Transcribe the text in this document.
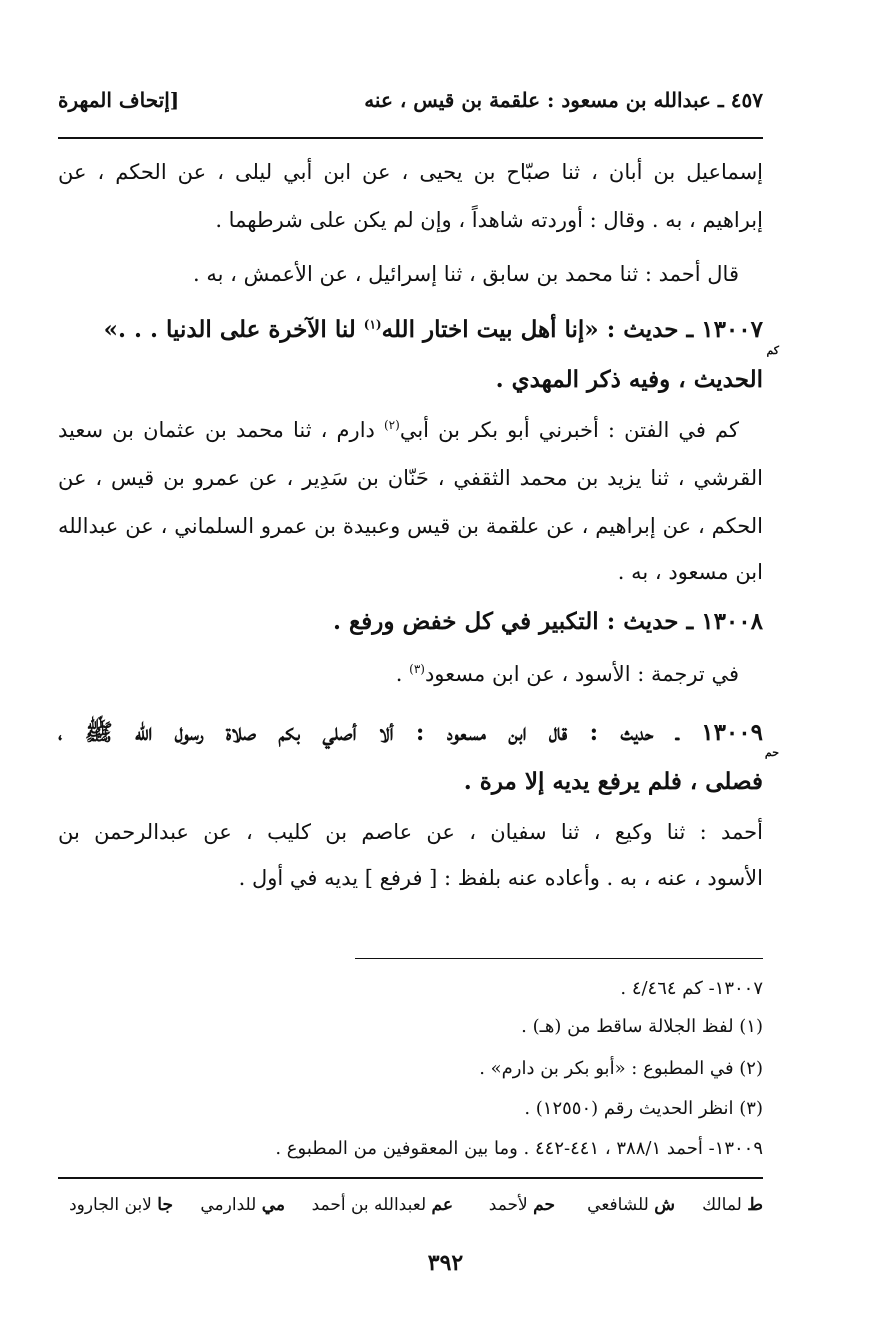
٤٥٧ ـ عبدالله بن مسعود : علقمة بن قيس ، عنه
[إتحاف المهرة
إسماعيل بن أبان ، ثنا صبّاح بن يحيى ، عن ابن أبي ليلى ، عن الحكم ، عن
إبراهيم ، به . وقال : أوردته شاهداً ، وإن لم يكن على شرطهما .
قال أحمد : ثنا محمد بن سابق ، ثنا إسرائيل ، عن الأعمش ، به .
١٣٠٠٧ ـ حديث : «إنا أهل بيت اختار الله$^{(١)}$ لنا الآخرة على الدنيا . . .»
كم
الحديث ، وفيه ذكر المهدي .
كم في الفتن : أخبرني أبو بكر بن أبي$^{(٢)}$ دارم ، ثنا محمد بن عثمان بن سعيد
القرشي ، ثنا يزيد بن محمد الثقفي ، حَنّان بن سَدِير ، عن عمرو بن قيس ، عن
الحكم ، عن إبراهيم ، عن علقمة بن قيس وعبيدة بن عمرو السلماني ، عن عبدالله
ابن مسعود ، به .
١٣٠٠٨ ـ حديث : التكبير في كل خفض ورفع .
في ترجمة : الأسود ، عن ابن مسعود$^{(٣)}$ .
١٣٠٠٩ ـ حديث : قال ابن مسعود : ألا أصلي بكم صلاة رسول الله ﷺ ،
حم
فصلى ، فلم يرفع يديه إلا مرة .
أحمد : ثنا وكيع ، ثنا سفيان ، عن عاصم بن كليب ، عن عبدالرحمن بن
الأسود ، عنه ، به . وأعاده عنه بلفظ : [ فرفع ] يديه في أول .
١٣٠٠٧- كم ٤/٤٦٤ .
(١) لفظ الجلالة ساقط من (هـ) .
(٢) في المطبوع : «أبو بكر بن دارم» .
(٣) انظر الحديث رقم (١٢٥٥٠) .
١٣٠٠٩- أحمد ٣٨٨/١ ، ٤٤١-٤٤٢ . وما بين المعقوفين من المطبوع .
ط لمالك
ش للشافعي
حم لأحمد
عم لعبدالله بن أحمد
مي للدارمي
جا لابن الجارود
٣٩٢
